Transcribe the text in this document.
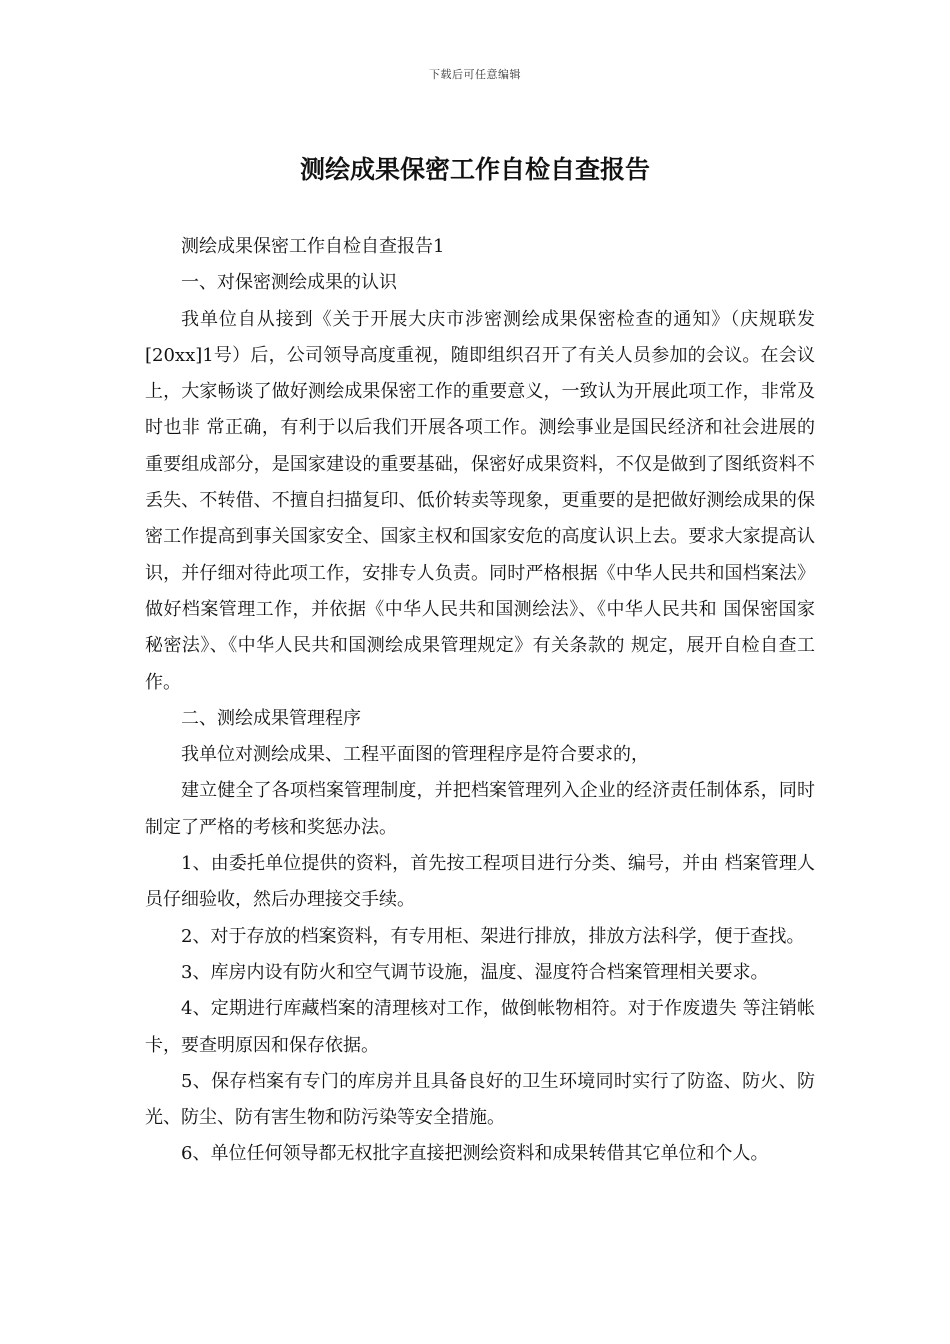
下载后可任意编辑
测绘成果保密工作自检自查报告

测绘成果保密工作自检自查报告1

一、对保密测绘成果的认识

我单位自从接到《关于开展大庆市涉密测绘成果保密检查的通知》（庆规联发[20xx]1号）后，公司领导高度重视，随即组织召开了有关人员参加的会议。在会议上，大家畅谈了做好测绘成果保密工作的重要意义，一致认为开展此项工作，非常及时也非 常正确，有利于以后我们开展各项工作。测绘事业是国民经济和社会进展的重要组成部分，是国家建设的重要基础，保密好成果资料，不仅是做到了图纸资料不丢失、不转借、不擅自扫描复印、低价转卖等现象，更重要的是把做好测绘成果的保密工作提高到事关国家安全、国家主权和国家安危的高度认识上去。要求大家提高认识，并仔细对待此项工作，安排专人负责。同时严格根据《中华人民共和国档案法》 做好档案管理工作，并依据《中华人民共和国测绘法》、《中华人民共和 国保密国家秘密法》、《中华人民共和国测绘成果管理规定》有关条款的 规定，展开自检自查工作。

二、测绘成果管理程序

我单位对测绘成果、工程平面图的管理程序是符合要求的，

建立健全了各项档案管理制度，并把档案管理列入企业的经济责任制体系，同时制定了严格的考核和奖惩办法。

1、由委托单位提供的资料，首先按工程项目进行分类、编号，并由 档案管理人员仔细验收，然后办理接交手续。

2、对于存放的档案资料，有专用柜、架进行排放，排放方法科学，便于查找。

3、库房内设有防火和空气调节设施，温度、湿度符合档案管理相关要求。

4、定期进行库藏档案的清理核对工作，做倒帐物相符。对于作废遗失 等注销帐卡，要查明原因和保存依据。

5、保存档案有专门的库房并且具备良好的卫生环境同时实行了防盗、防火、防 光、防尘、防有害生物和防污染等安全措施。

6、单位任何领导都无权批字直接把测绘资料和成果转借其它单位和个人。
